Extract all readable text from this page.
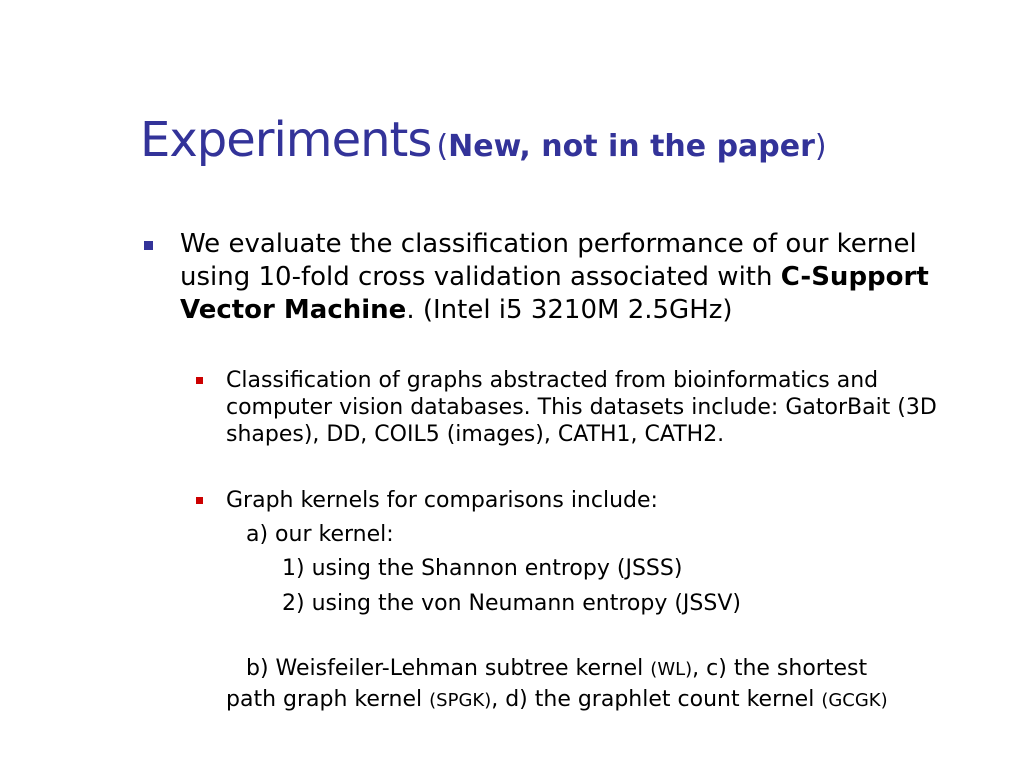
Experiments (New, not in the paper)
We evaluate the classification performance of our kernel using 10-fold cross validation associated with C-Support Vector Machine. (Intel i5 3210M 2.5GHz)
Classification of graphs abstracted from bioinformatics and computer vision databases. This datasets include: GatorBait (3D shapes), DD, COIL5 (images), CATH1, CATH2.
Graph kernels for comparisons include:
a) our kernel:
1) using the Shannon entropy (JSSS)
2) using the von Neumann entropy (JSSV)
b) Weisfeiler-Lehman subtree kernel (WL), c) the shortest
path graph kernel (SPGK), d) the graphlet count kernel (GCGK)
